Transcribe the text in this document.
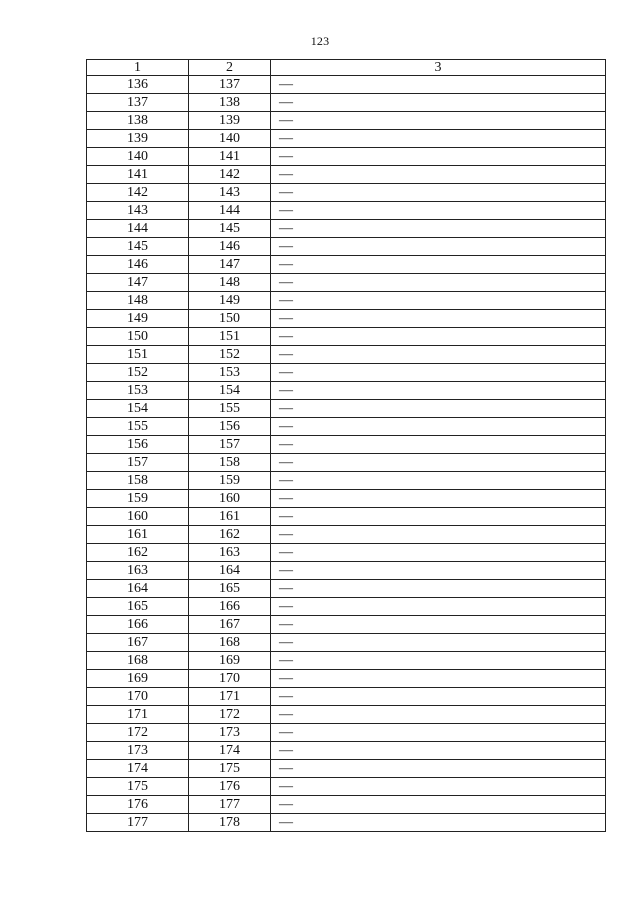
123
1	2	3
136	137	—
137	138	—
138	139	—
139	140	—
140	141	—
141	142	—
142	143	—
143	144	—
144	145	—
145	146	—
146	147	—
147	148	—
148	149	—
149	150	—
150	151	—
151	152	—
152	153	—
153	154	—
154	155	—
155	156	—
156	157	—
157	158	—
158	159	—
159	160	—
160	161	—
161	162	—
162	163	—
163	164	—
164	165	—
165	166	—
166	167	—
167	168	—
168	169	—
169	170	—
170	171	—
171	172	—
172	173	—
173	174	—
174	175	—
175	176	—
176	177	—
177	178	—
